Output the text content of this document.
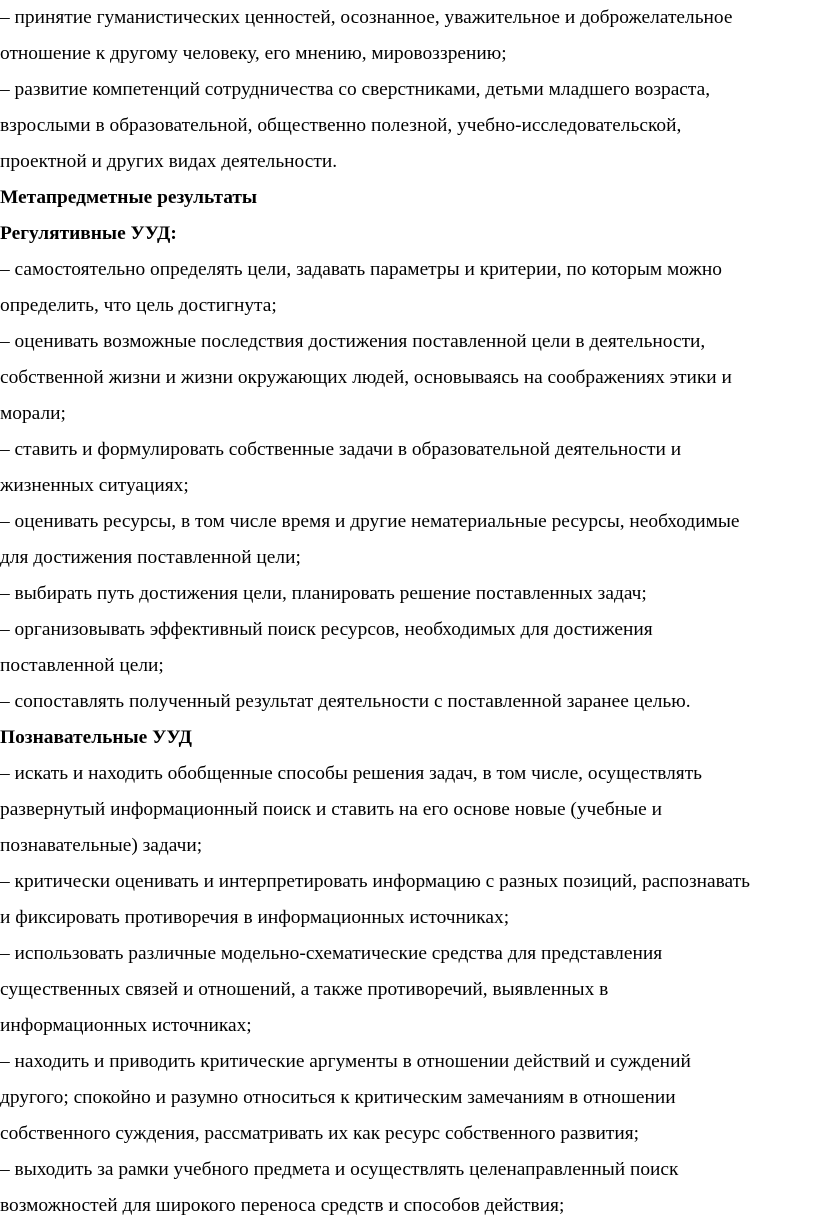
– принятие гуманистических ценностей, осознанное, уважительное и доброжелательное
отношение к другому человеку, его мнению, мировоззрению;
– развитие компетенций сотрудничества со сверстниками, детьми младшего возраста,
взрослыми в образовательной, общественно полезной, учебно-исследовательской,
проектной и других видах деятельности.
Метапредметные результаты
Регулятивные УУД:
– самостоятельно определять цели, задавать параметры и критерии, по которым можно
определить, что цель достигнута;
– оценивать возможные последствия достижения поставленной цели в деятельности,
собственной жизни и жизни окружающих людей, основываясь на соображениях этики и
морали;
– ставить и формулировать собственные задачи в образовательной деятельности и
жизненных ситуациях;
– оценивать ресурсы, в том числе время и другие нематериальные ресурсы, необходимые
для достижения поставленной цели;
– выбирать путь достижения цели, планировать решение поставленных задач;
– организовывать эффективный поиск ресурсов, необходимых для достижения
поставленной цели;
– сопоставлять полученный результат деятельности с поставленной заранее целью.
Познавательные УУД
– искать и находить обобщенные способы решения задач, в том числе, осуществлять
развернутый информационный поиск и ставить на его основе новые (учебные и
познавательные) задачи;
– критически оценивать и интерпретировать информацию с разных позиций, распознавать
и фиксировать противоречия в информационных источниках;
– использовать различные модельно-схематические средства для представления
существенных связей и отношений, а также противоречий, выявленных в
информационных источниках;
– находить и приводить критические аргументы в отношении действий и суждений
другого; спокойно и разумно относиться к критическим замечаниям в отношении
собственного суждения, рассматривать их как ресурс собственного развития;
– выходить за рамки учебного предмета и осуществлять целенаправленный поиск
возможностей для широкого переноса средств и способов действия;
